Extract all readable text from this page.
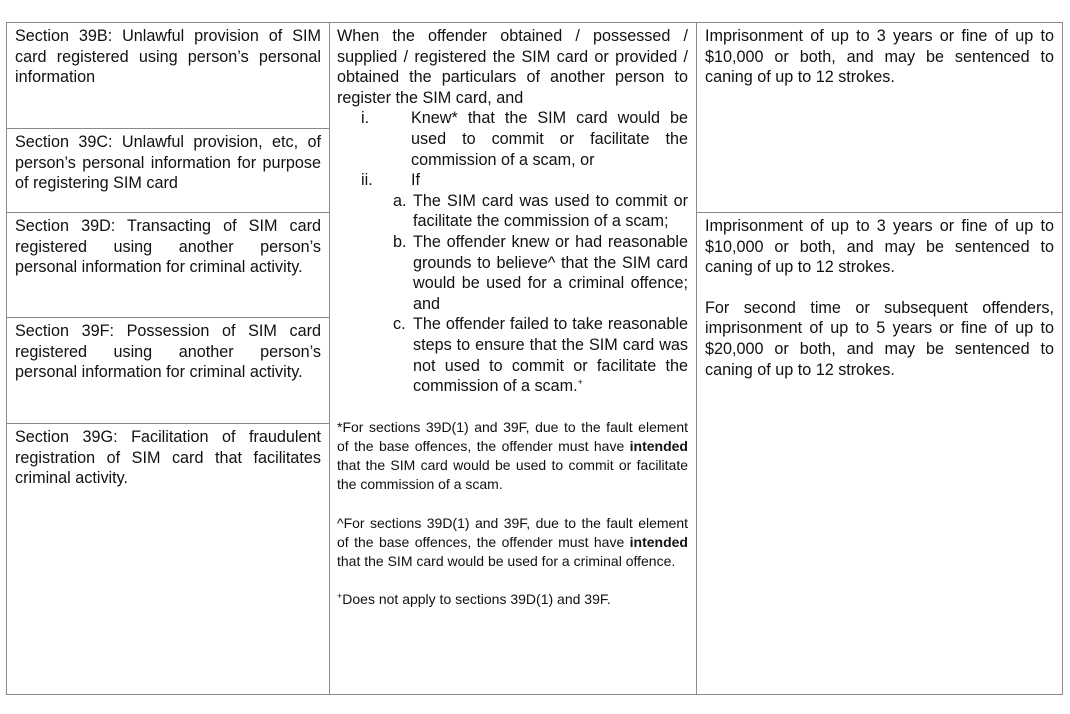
Section 39B: Unlawful provision of SIM card registered using person’s personal information

Section 39C: Unlawful provision, etc, of person’s personal information for purpose of registering SIM card

Section 39D: Transacting of SIM card registered using another person’s personal information for criminal activity.

Section 39F: Possession of SIM card registered using another person’s personal information for criminal activity.

Section 39G: Facilitation of fraudulent registration of SIM card that facilitates criminal activity.

When the offender obtained / possessed / supplied / registered the SIM card or provided / obtained the particulars of another person to register the SIM card, and

i.	Knew* that the SIM card would be used to commit or facilitate the commission of a scam, or
ii.	If
a. The SIM card was used to commit or facilitate the commission of a scam;
b. The offender knew or had reasonable grounds to believe^ that the SIM card would be used for a criminal offence; and
c. The offender failed to take reasonable steps to ensure that the SIM card was not used to commit or facilitate the commission of a scam.+

*For sections 39D(1) and 39F, due to the fault element of the base offences, the offender must have intended that the SIM card would be used to commit or facilitate the commission of a scam.

^For sections 39D(1) and 39F, due to the fault element of the base offences, the offender must have intended that the SIM card would be used for a criminal offence.

+Does not apply to sections 39D(1) and 39F.

Imprisonment of up to 3 years or fine of up to $10,000 or both, and may be sentenced to caning of up to 12 strokes.

Imprisonment of up to 3 years or fine of up to $10,000 or both, and may be sentenced to caning of up to 12 strokes.

For second time or subsequent offenders, imprisonment of up to 5 years or fine of up to $20,000 or both, and may be sentenced to caning of up to 12 strokes.
